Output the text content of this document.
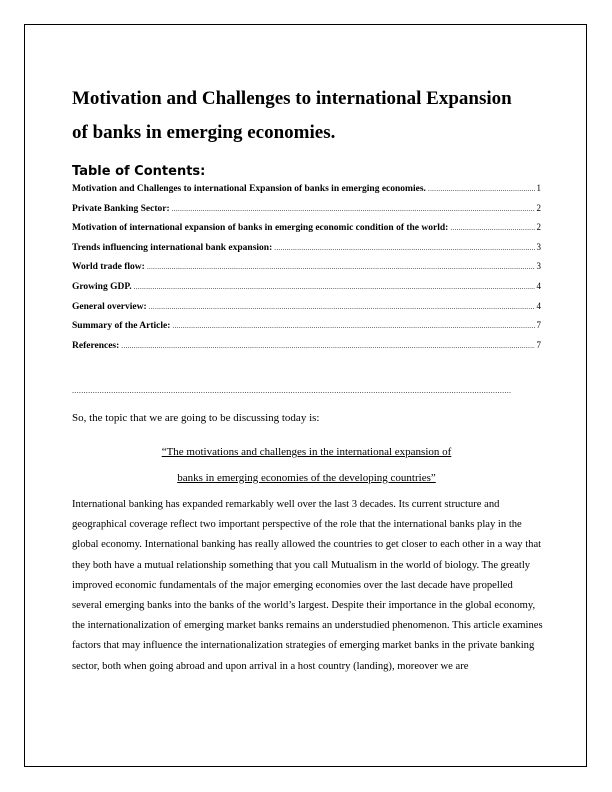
Motivation and Challenges to international Expansion
of banks in emerging economies.
Table of Contents:
Motivation and Challenges to international Expansion of banks in emerging economies. .....	1
Private Banking Sector: .....	2
Motivation of international expansion of banks in emerging economic condition of the world: .....	2
Trends influencing international bank expansion: .....	3
World trade flow: .....	3
Growing GDP. .....	4
General overview: .....	4
Summary of the Article: .....	7
References: .....	7
.....

So, the topic that we are going to be discussing today is:

“The motivations and challenges in the international expansion of
banks in emerging economies of the developing countries”

International banking has expanded remarkably well over the last 3 decades. Its current structure and geographical coverage reflect two important perspective of the role that the international banks play in the global economy. International banking has really allowed the countries to get closer to each other in a way that they both have a mutual relationship something that you call Mutualism in the world of biology. The greatly improved economic fundamentals of the major emerging economies over the last decade have propelled several emerging banks into the banks of the world’s largest. Despite their importance in the global economy, the internationalization of emerging market banks remains an understudied phenomenon. This article examines factors that may influence the internationalization strategies of emerging market banks in the private banking sector, both when going abroad and upon arrival in a host country (landing), moreover we are
